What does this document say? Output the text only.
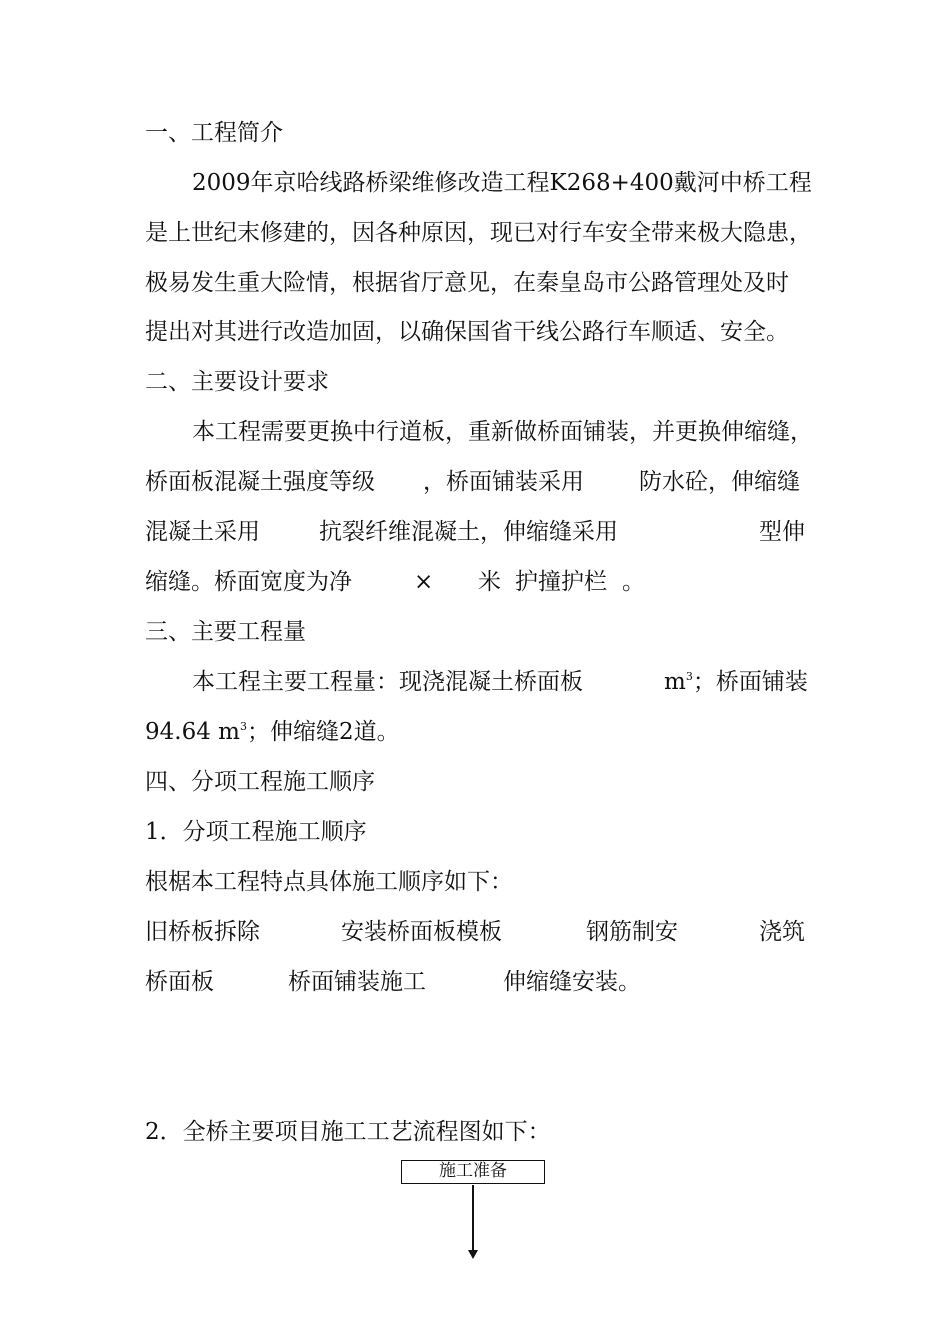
一、工程简介
2009年京哈线路桥梁维修改造工程K268+400戴河中桥工程
是上世纪末修建的，因各种原因，现已对行车安全带来极大隐患，
极易发生重大险情，根据省厅意见，在秦皇岛市公路管理处及时
提出对其进行改造加固，以确保国省干线公路行车顺适、安全。
二、主要设计要求
本工程需要更换中行道板，重新做桥面铺装，并更换伸缩缝，
桥面板混凝土强度等级 ，桥面铺装采用 防水砼，伸缩缝
混凝土采用	抗裂纤维混凝土，伸缩缝采用	型伸
缩缝。桥面宽度为净	× 米 护撞护栏 。
三、主要工程量
本工程主要工程量：现浇混凝土桥面板	$m^3$；桥面铺装
94.64 $m^3$；伸缩缝2道。
四、分项工程施工顺序
1．分项工程施工顺序
根椐本工程特点具体施工顺序如下：
旧桥板拆除	安装桥面板模板	钢筋制安	浇筑
桥面板	桥面铺装施工	伸缩缝安装。
2．全桥主要项目施工工艺流程图如下：
施工准备
